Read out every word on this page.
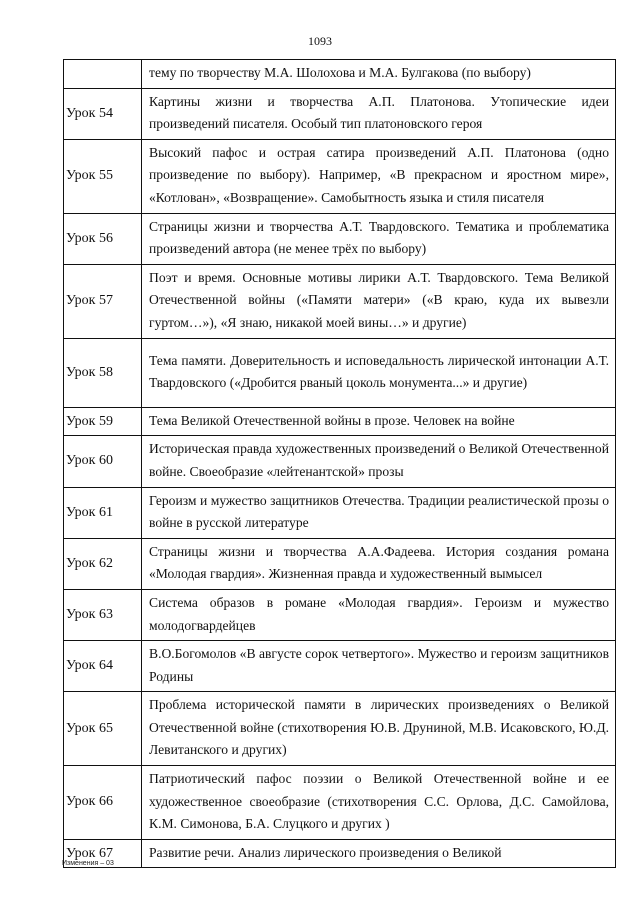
1093

	тему по творчеству М.А. Шолохова и М.А. Булгакова (по выбору)

Урок 54	Картины жизни и творчества А.П. Платонова. Утопические идеи произведений писателя. Особый тип платоновского героя

Урок 55	Высокий пафос и острая сатира произведений А.П. Платонова (одно произведение по выбору). Например, «В прекрасном и яростном мире», «Котлован», «Возвращение». Самобытность языка и стиля писателя

Урок 56	Страницы жизни и творчества А.Т. Твардовского. Тематика и проблематика произведений автора (не менее трёх по выбору)

Урок 57	Поэт и время. Основные мотивы лирики А.Т. Твардовского. Тема Великой Отечественной войны («Памяти матери» («В краю, куда их вывезли гуртом…»), «Я знаю, никакой моей вины…» и другие)

Урок 58	Тема памяти. Доверительность и исповедальность лирической интонации А.Т. Твардовского («Дробится рваный цоколь монумента...» и другие)

Урок 59	Тема Великой Отечественной войны в прозе. Человек на войне

Урок 60	Историческая правда художественных произведений о Великой Отечественной войне. Своеобразие «лейтенантской» прозы

Урок 61	Героизм и мужество защитников Отечества. Традиции реалистической прозы о войне в русской литературе

Урок 62	Страницы жизни и творчества А.А.Фадеева. История создания романа «Молодая гвардия». Жизненная правда и художественный вымысел

Урок 63	Система образов в романе «Молодая гвардия». Героизм и мужество молодогвардейцев

Урок 64	В.О.Богомолов «В августе сорок четвертого». Мужество и героизм защитников Родины

Урок 65	Проблема исторической памяти в лирических произведениях о Великой Отечественной войне (стихотворения Ю.В. Друниной, М.В. Исаковского, Ю.Д. Левитанского и других)

Урок 66	Патриотический пафос поэзии о Великой Отечественной войне и ее художественное своеобразие (стихотворения С.С. Орлова, Д.С. Самойлова, К.М. Симонова, Б.А. Слуцкого и других )

Урок 67	Развитие речи. Анализ лирического произведения о Великой
Изменения – 03
